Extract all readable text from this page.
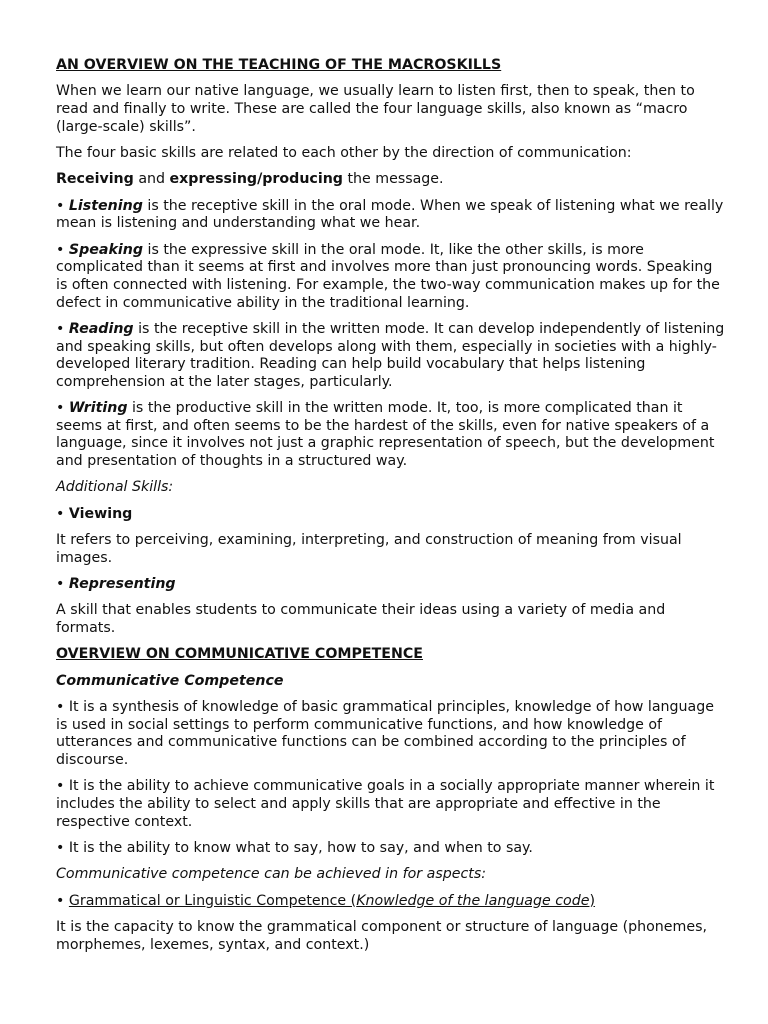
AN OVERVIEW ON THE TEACHING OF THE MACROSKILLS

When we learn our native language, we usually learn to listen first, then to speak, then to read and finally to write. These are called the four language skills, also known as “macro (large-scale) skills”.

The four basic skills are related to each other by the direction of communication:

Receiving and expressing/producing the message.

• Listening is the receptive skill in the oral mode. When we speak of listening what we really mean is listening and understanding what we hear.

• Speaking is the expressive skill in the oral mode. It, like the other skills, is more complicated than it seems at first and involves more than just pronouncing words. Speaking is often connected with listening. For example, the two-way communication makes up for the defect in communicative ability in the traditional learning.

• Reading is the receptive skill in the written mode. It can develop independently of listening and speaking skills, but often develops along with them, especially in societies with a highly-developed literary tradition. Reading can help build vocabulary that helps listening comprehension at the later stages, particularly.

• Writing is the productive skill in the written mode. It, too, is more complicated than it seems at first, and often seems to be the hardest of the skills, even for native speakers of a language, since it involves not just a graphic representation of speech, but the development and presentation of thoughts in a structured way.

Additional Skills:

• Viewing

It refers to perceiving, examining, interpreting, and construction of meaning from visual images.

• Representing

A skill that enables students to communicate their ideas using a variety of media and formats.

OVERVIEW ON COMMUNICATIVE COMPETENCE

Communicative Competence

• It is a synthesis of knowledge of basic grammatical principles, knowledge of how language is used in social settings to perform communicative functions, and how knowledge of utterances and communicative functions can be combined according to the principles of discourse.

• It is the ability to achieve communicative goals in a socially appropriate manner wherein it includes the ability to select and apply skills that are appropriate and effective in the respective context.

• It is the ability to know what to say, how to say, and when to say.

Communicative competence can be achieved in for aspects:

• Grammatical or Linguistic Competence (Knowledge of the language code)

It is the capacity to know the grammatical component or structure of language (phonemes, morphemes, lexemes, syntax, and context.)
